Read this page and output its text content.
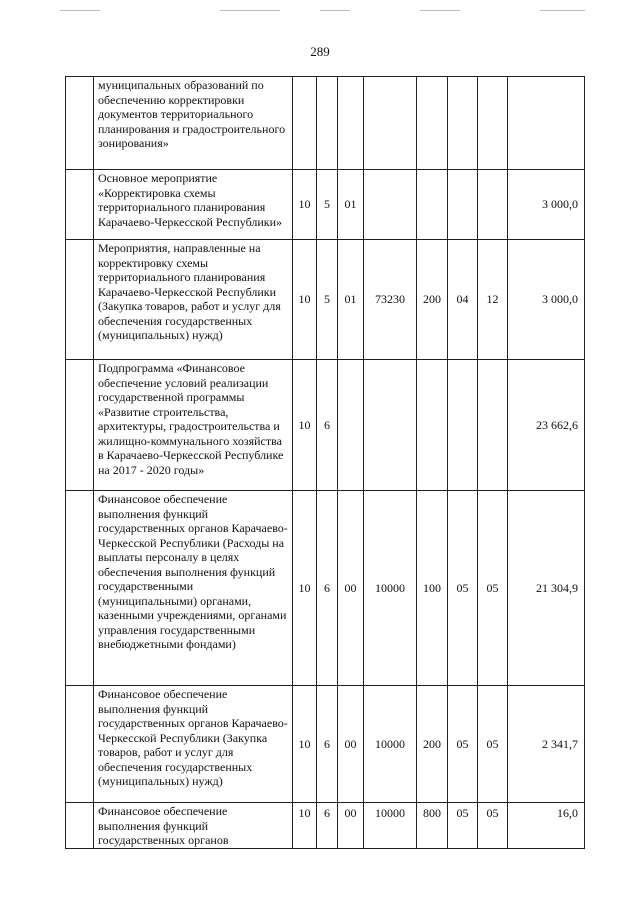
289
	муниципальных образований по обеспечению корректировки документов территориального планирования и градостроительного зонирования»								
	Основное мероприятие «Корректировка схемы территориального планирования Карачаево-Черкесской Республики»	10	5	01					3 000,0
	Мероприятия, направленные на корректировку схемы территориального планирования Карачаево-Черкесской Республики (Закупка товаров, работ и услуг для обеспечения государственных (муниципальных) нужд)	10	5	01	73230	200	04	12	3 000,0
	Подпрограмма «Финансовое обеспечение условий реализации государственной программы «Развитие строительства, архитектуры, градостроительства и жилищно-коммунального хозяйства в Карачаево-Черкесской Республике на 2017 - 2020 годы»	10	6						23 662,6
	Финансовое обеспечение выполнения функций государственных органов Карачаево-Черкесской Республики (Расходы на выплаты персоналу в целях обеспечения выполнения функций государственными (муниципальными) органами, казенными учреждениями, органами управления государственными внебюджетными фондами)	10	6	00	10000	100	05	05	21 304,9
	Финансовое обеспечение выполнения функций государственных органов Карачаево-Черкесской Республики (Закупка товаров, работ и услуг для обеспечения государственных (муниципальных) нужд)	10	6	00	10000	200	05	05	2 341,7
	Финансовое обеспечение выполнения функций государственных органов	10	6	00	10000	800	05	05	16,0
